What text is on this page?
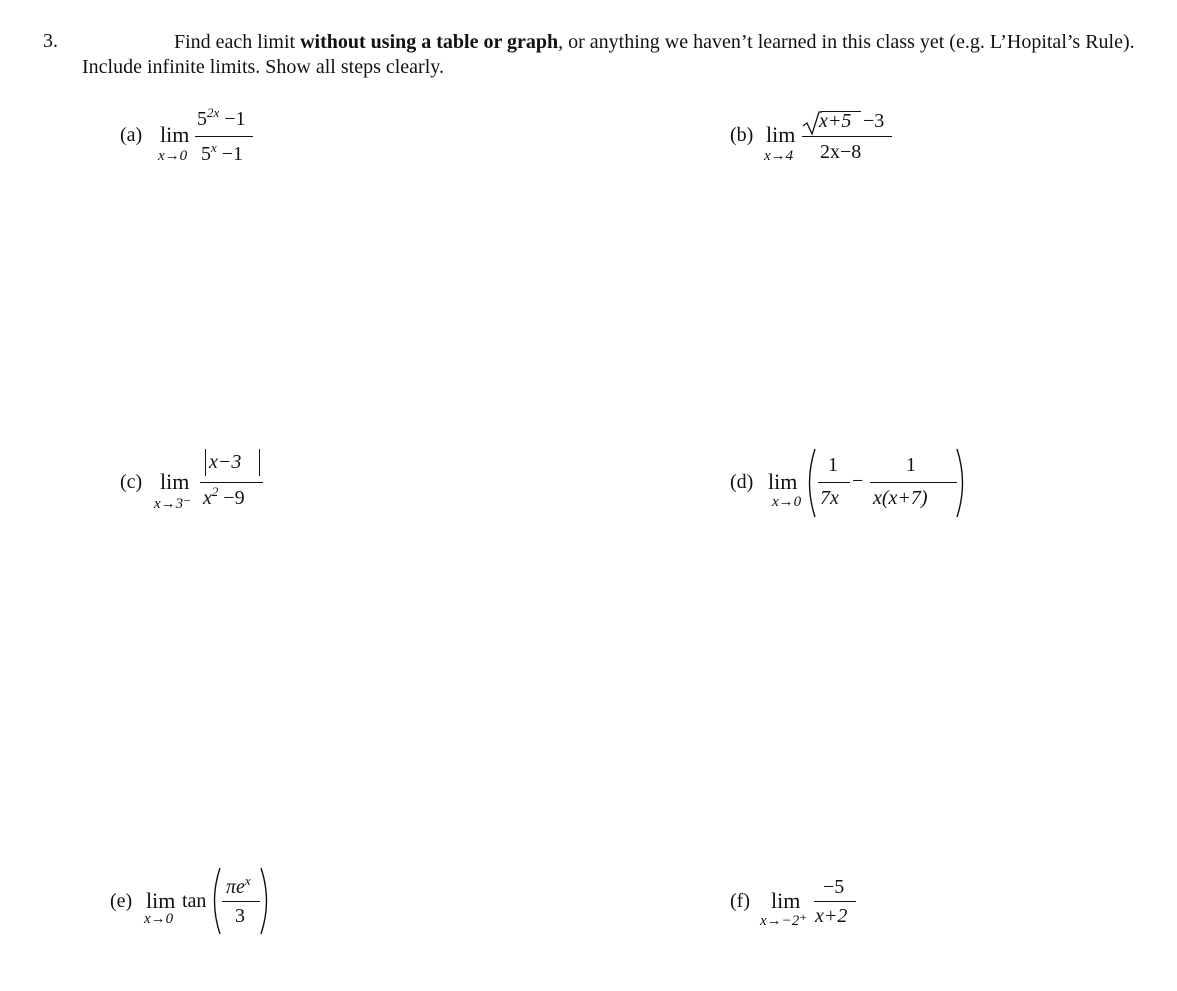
3.	Find each limit without using a table or graph, or anything we haven’t learned in this class yet (e.g. L’Hopital’s Rule). Include infinite limits. Show all steps clearly.
(a) lim
x→0
$5^{2x} -1$
$5^x -1$
(b) lim
x→4
x+5 −3
2x−8
(c) lim
x→3⁻
x−3
$x^2 -9$
(d) lim
x→0
1
7x
−
1
x(x+7)
(e) lim tan
x→0
$\pi e^x$
3
(f) lim
x→−2⁺
−5
x+2
